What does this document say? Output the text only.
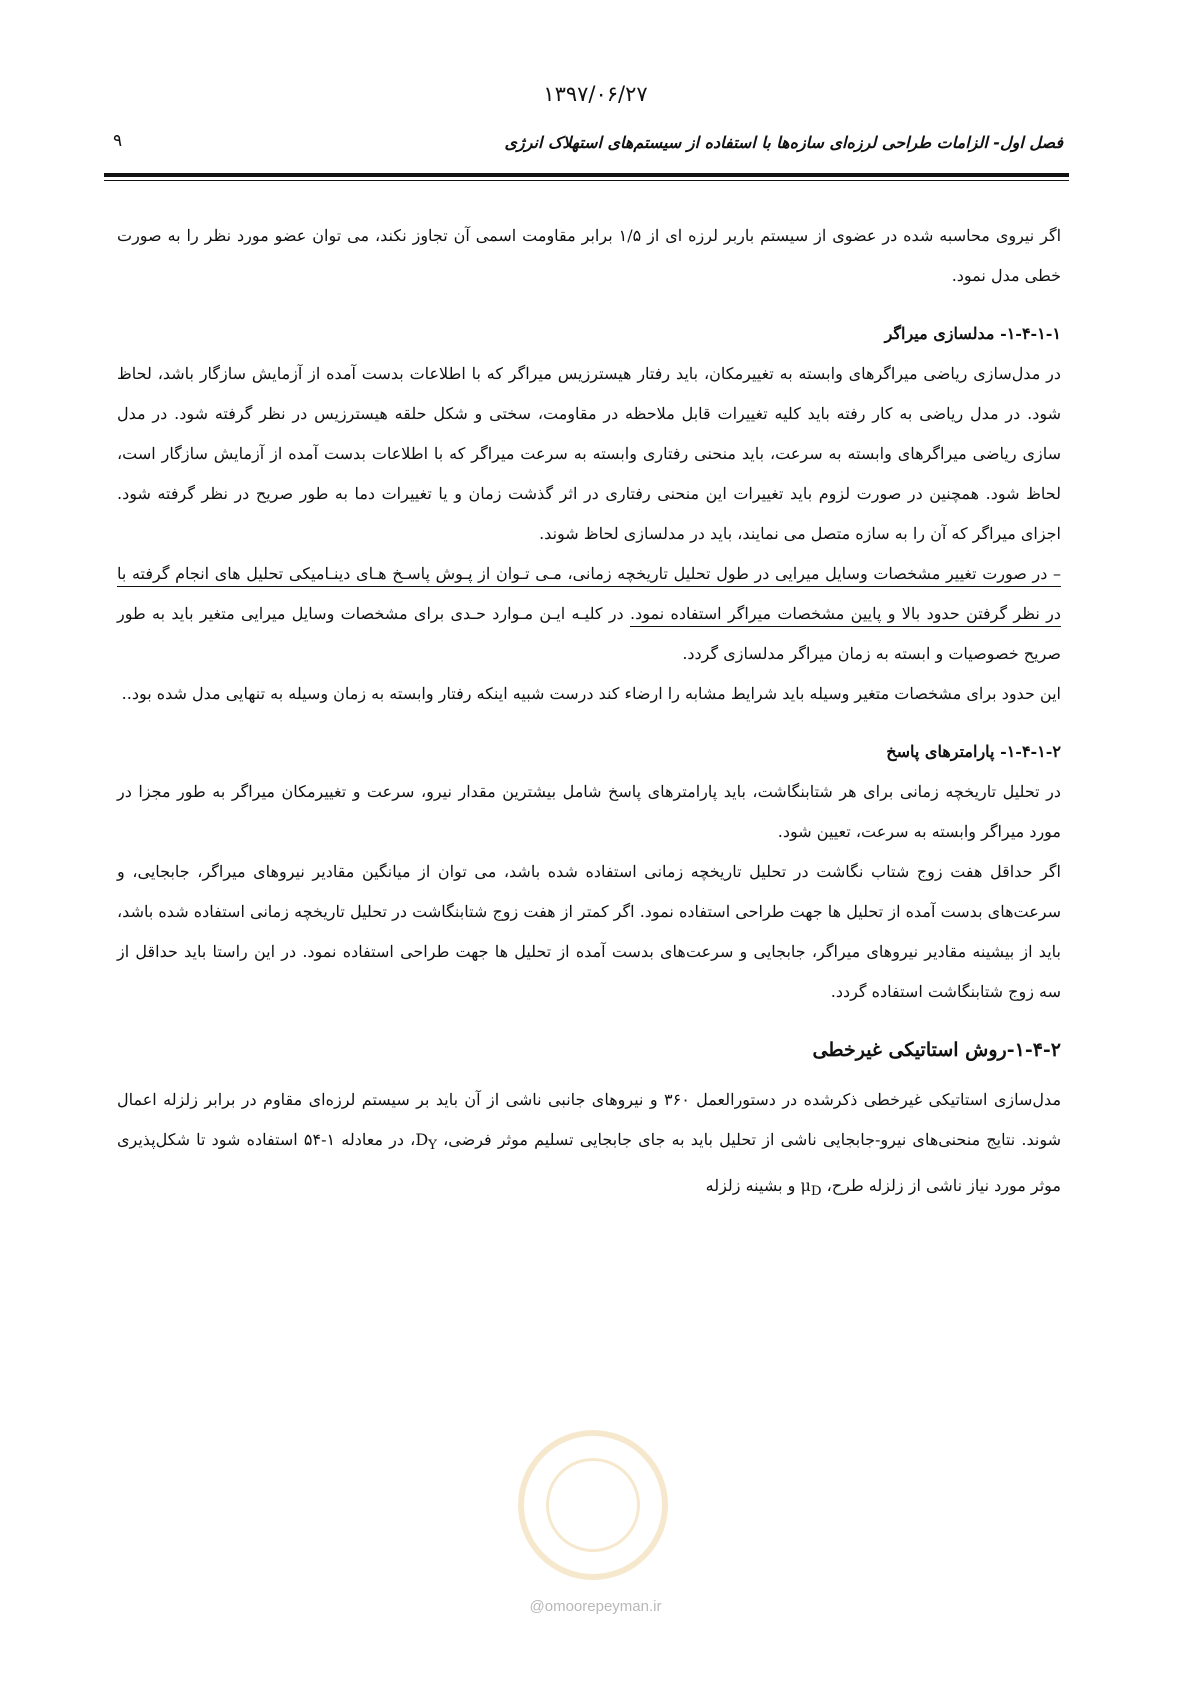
۱۳۹۷/۰۶/۲۷
فصل اول- الزامات طراحی لرزه‌ای سازه‌ها با استفاده از سیستم‌های استهلاک انرژی
۹

اگر نیروی محاسبه شده در عضوی از سیستم باربر لرزه ای از ۱/۵ برابر مقاومت اسمی آن تجاوز نکند، می توان عضو مورد نظر را به صورت خطی مدل نمود.

۱-۴-۱-۱- مدلسازی میراگر

در مدل‌سازی ریاضی میراگرهای وابسته به تغییرمکان، باید رفتار هیسترزیس میراگر که با اطلاعات بدست آمده از آزمایش سازگار باشد، لحاظ شود. در مدل ریاضی به کار رفته باید کلیه تغییرات قابل ملاحظه در مقاومت، سختی و شکل حلقه هیسترزیس در نظر گرفته شود. در مدل سازی ریاضی میراگرهای وابسته به سرعت، باید منحنی رفتاری وابسته به سرعت میراگر که با اطلاعات بدست آمده از آزمایش سازگار است، لحاظ شود. همچنین در صورت لزوم باید تغییرات این منحنی رفتاری در اثر گذشت زمان و یا تغییرات دما به طور صریح در نظر گرفته شود. اجزای میراگر که آن را به سازه متصل می نمایند، باید در مدلسازی لحاظ شوند.

– در صورت تغییر مشخصات وسایل میرایی در طول تحلیل تاریخچه زمانی، مـی تـوان از پـوش پاسـخ هـای دینـامیکی تحلیل های انجام گرفته با در نظر گرفتن حدود بالا و پایین مشخصات میراگر استفاده نمود. در کلیـه ایـن مـوارد حـدی برای مشخصات وسایل میرایی متغیر باید به طور صریح خصوصیات و ابسته به زمان میراگر مدلسازی گردد.

این حدود برای مشخصات متغیر وسیله باید شرایط مشابه را ارضاء کند درست شبیه اینکه رفتار وابسته به زمان وسیله به تنهایی مدل شده بود..

۱-۴-۱-۲- پارامترهای پاسخ

در تحلیل تاریخچه زمانی برای هر شتابنگاشت، باید پارامترهای پاسخ شامل بیشترین مقدار نیرو، سرعت و تغییرمکان میراگر به طور مجزا در مورد میراگر وابسته به سرعت، تعیین شود.

اگر حداقل هفت زوج شتاب نگاشت در تحلیل تاریخچه زمانی استفاده شده باشد، می توان از میانگین مقادیر نیروهای میراگر، جابجایی، و سرعت‌های بدست آمده از تحلیل ها جهت طراحی استفاده نمود. اگر کمتر از هفت زوج شتابنگاشت در تحلیل تاریخچه زمانی استفاده شده باشد، باید از بیشینه مقادیر نیروهای میراگر، جابجایی و سرعت‌های بدست آمده از تحلیل ها جهت طراحی استفاده نمود. در این راستا باید حداقل از سه زوج شتابنگاشت استفاده گردد.

۱-۴-۲-روش استاتیکی غیرخطی

مدل‌سازی استاتیکی غیرخطی ذکرشده در دستورالعمل ۳۶۰ و نیروهای جانبی ناشی از آن باید بر سیستم لرزه‌ای مقاوم در برابر زلزله اعمال شوند. نتایج منحنی‌های نیرو-جابجایی ناشی از تحلیل باید به جای جابجایی تسلیم موثر فرضی، $D_Y،$ در معادله ۱-۵۴ استفاده شود تا شکل‌پذیری موثر مورد نیاز ناشی از زلزله طرح، $\mu_D$ و بشینه زلزله

@omoorepeyman.ir
